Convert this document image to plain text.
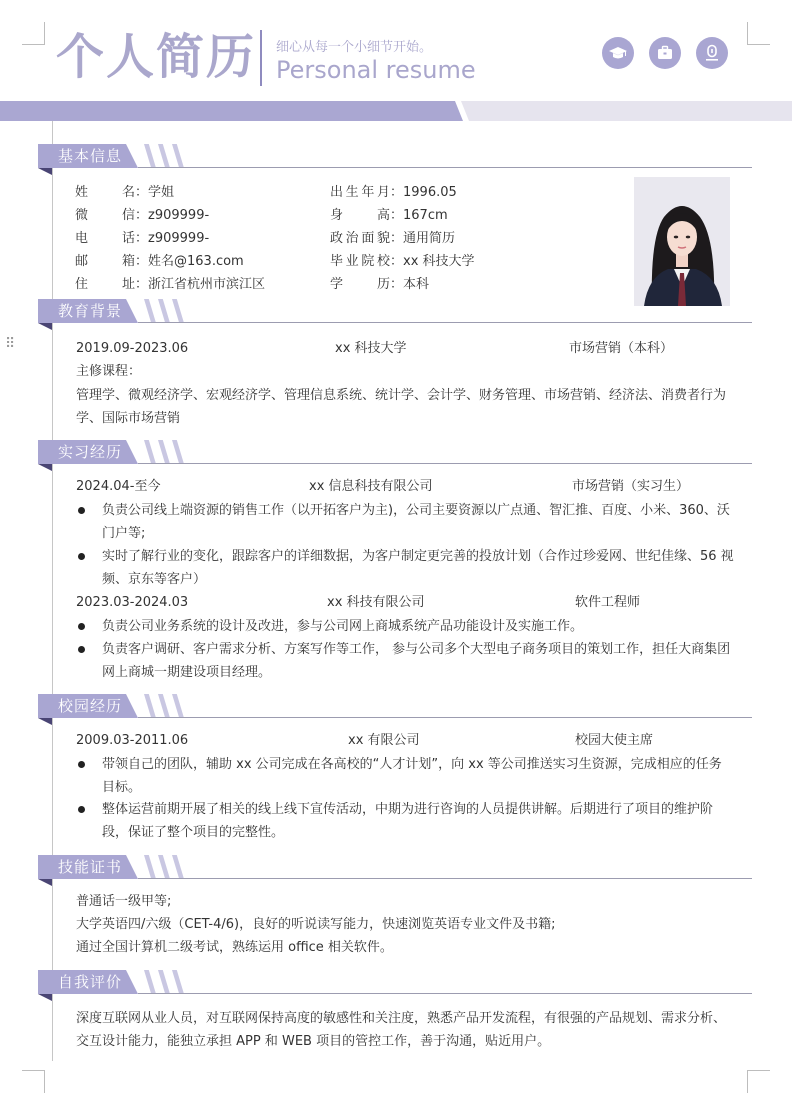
个人简历 细心从每一个小细节开始。
Personal resume
⠿
基本信息
姓名：学姐
微信：z909999-
电话：z909999-
邮箱：姓名@163.com
住址：浙江省杭州市滨江区
出生年月：1996.05
身高：167cm
政治面貌：通用简历
毕业院校：xx 科技大学
学历：本科
教育背景
2019.09-2023.06	xx 科技大学	市场营销（本科）
主修课程：
管理学、微观经济学、宏观经济学、管理信息系统、统计学、会计学、财务管理、市场营销、经济法、消费者行为学、国际市场营销
实习经历
2024.04-至今	xx 信息科技有限公司	市场营销（实习生）
负责公司线上端资源的销售工作（以开拓客户为主)，公司主要资源以广点通、智汇推、百度、小米、360、沃门户等;
实时了解行业的变化，跟踪客户的详细数据，为客户制定更完善的投放计划（合作过珍爱网、世纪佳缘、56 视频、京东等客户）
2023.03-2024.03	xx 科技有限公司	软件工程师
负责公司业务系统的设计及改进，参与公司网上商城系统产品功能设计及实施工作。
负责客户调研、客户需求分析、方案写作等工作， 参与公司多个大型电子商务项目的策划工作，担任大商集团网上商城一期建设项目经理。
校园经历
2009.03-2011.06	xx 有限公司	校园大使主席
带领自己的团队，辅助 xx 公司完成在各高校的“人才计划”，向 xx 等公司推送实习生资源，完成相应的任务目标。
整体运营前期开展了相关的线上线下宣传活动，中期为进行咨询的人员提供讲解。后期进行了项目的维护阶段，保证了整个项目的完整性。
技能证书
普通话一级甲等;
大学英语四/六级（CET-4/6)，良好的听说读写能力，快速浏览英语专业文件及书籍;
通过全国计算机二级考试，熟练运用 office 相关软件。
自我评价
深度互联网从业人员，对互联网保持高度的敏感性和关注度，熟悉产品开发流程，有很强的产品规划、需求分析、交互设计能力，能独立承担 APP 和 WEB 项目的管控工作，善于沟通，贴近用户。
